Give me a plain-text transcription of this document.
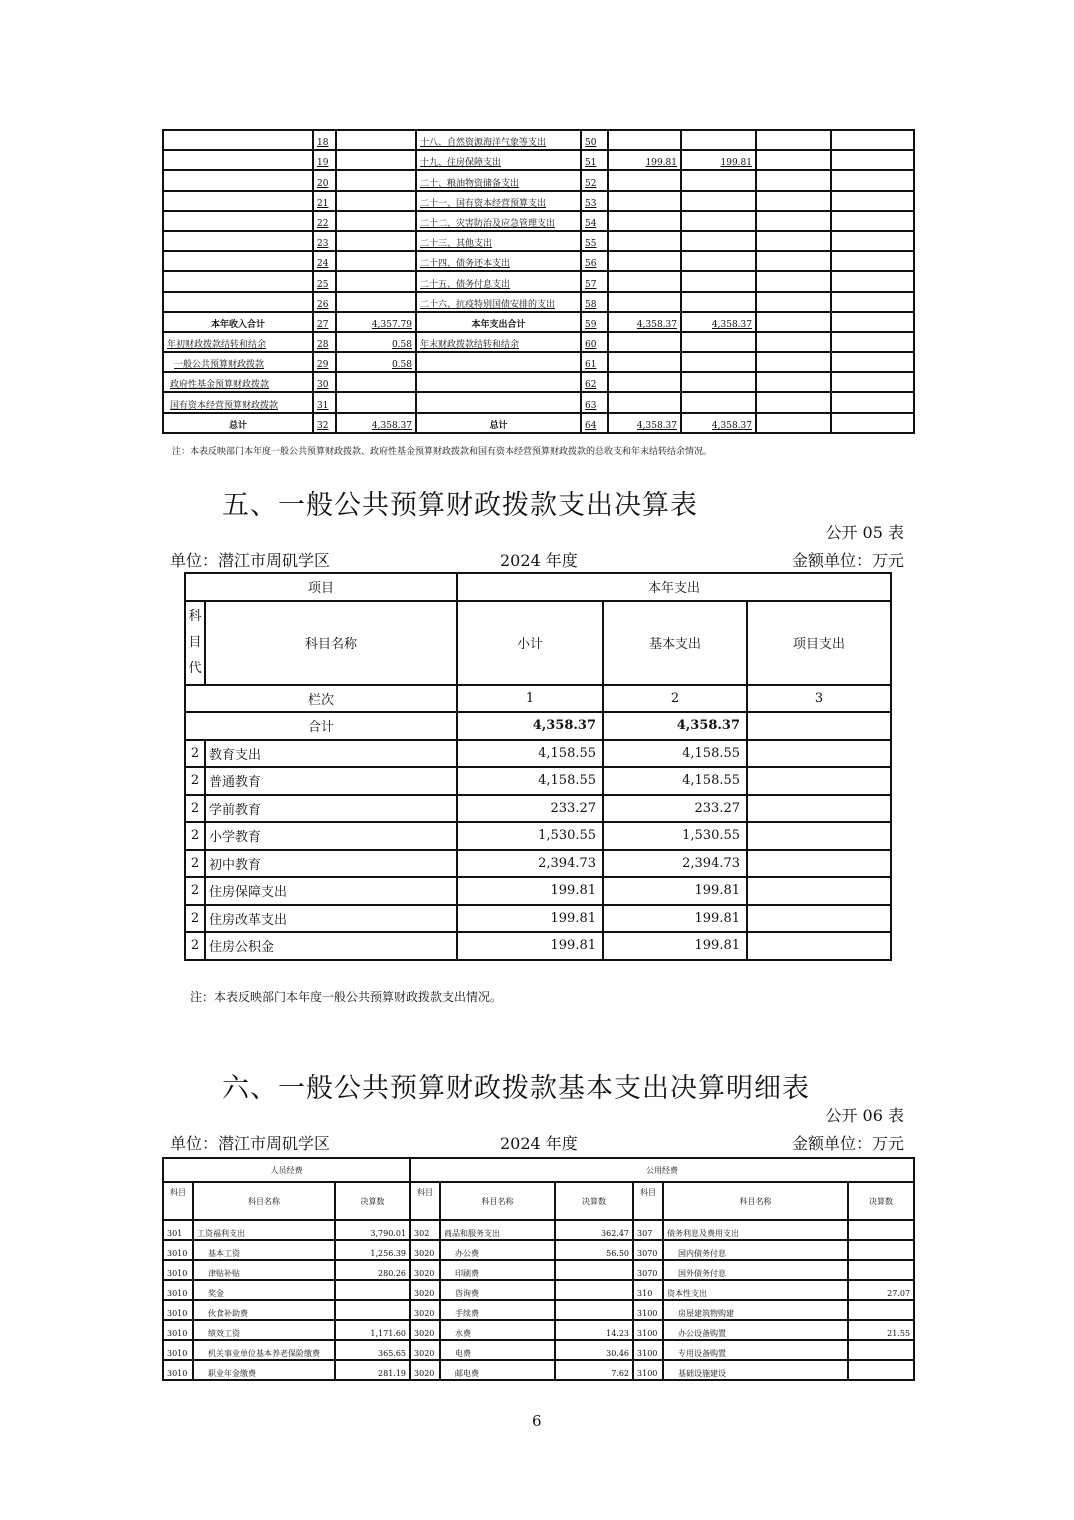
	18		十八、自然资源海洋气象等支出	50				
	19		十九、住房保障支出	51	199.81	199.81		
	20		二十、粮油物资储备支出	52				
	21		二十一、国有资本经营预算支出	53				
	22		二十二、灾害防治及应急管理支出	54				
	23		二十三、其他支出	55				
	24		二十四、债务还本支出	56				
	25		二十五、债务付息支出	57				
	26		二十六、抗疫特别国债安排的支出	58				
本年收入合计	27	4,357.79	本年支出合计	59	4,358.37	4,358.37		
年初财政拨款结转和结余	28	0.58	年末财政拨款结转和结余	60				
一般公共预算财政拨款	29	0.58		61				
政府性基金预算财政拨款	30			62				
国有资本经营预算财政拨款	31			63				
总计	32	4,358.37	总计	64	4,358.37	4,358.37		
注：本表反映部门本年度一般公共预算财政拨款、政府性基金预算财政拨款和国有资本经营预算财政拨款的总收支和年末结转结余情况。
五、一般公共预算财政拨款支出决算表
公开 05 表
单位：潜江市周矶学区	2024 年度	金额单位：万元
项目		本年支出		

科
目
代	科目名称	小计	基本支出	项目支出
栏次		1	2	3
合计		4,358.37	4,358.37	
2	教育支出	4,158.55	4,158.55	
2	普通教育	4,158.55	4,158.55	
2	学前教育	233.27	233.27	
2	小学教育	1,530.55	1,530.55	
2	初中教育	2,394.73	2,394.73	
2	住房保障支出	199.81	199.81	
2	住房改革支出	199.81	199.81	
2	住房公积金	199.81	199.81	
注：本表反映部门本年度一般公共预算财政拨款支出情况。
六、一般公共预算财政拨款基本支出决算明细表
公开 06 表
单位：潜江市周矶学区	2024 年度	金额单位：万元
人员经费			公用经费					
科目	科目名称	决算数	科目	科目名称	决算数	科目	科目名称	决算数
301	工资福利支出	3,790.01	302	商品和服务支出	362.47	307	债务利息及费用支出	
3010	基本工资	1,256.39	3020	办公费	56.50	3070	国内债务付息	
3010	津贴补贴	280.26	3020	印刷费		3070	国外债务付息	
3010	奖金		3020	咨询费		310	资本性支出	27.07
3010	伙食补助费		3020	手续费		3100	房屋建筑物购建	
3010	绩效工资	1,171.60	3020	水费	14.23	3100	办公设备购置	21.55
3010	机关事业单位基本养老保险缴费	365.65	3020	电费	30.46	3100	专用设备购置	
3010	职业年金缴费	281.19	3020	邮电费	7.62	3100	基础设施建设	
6
